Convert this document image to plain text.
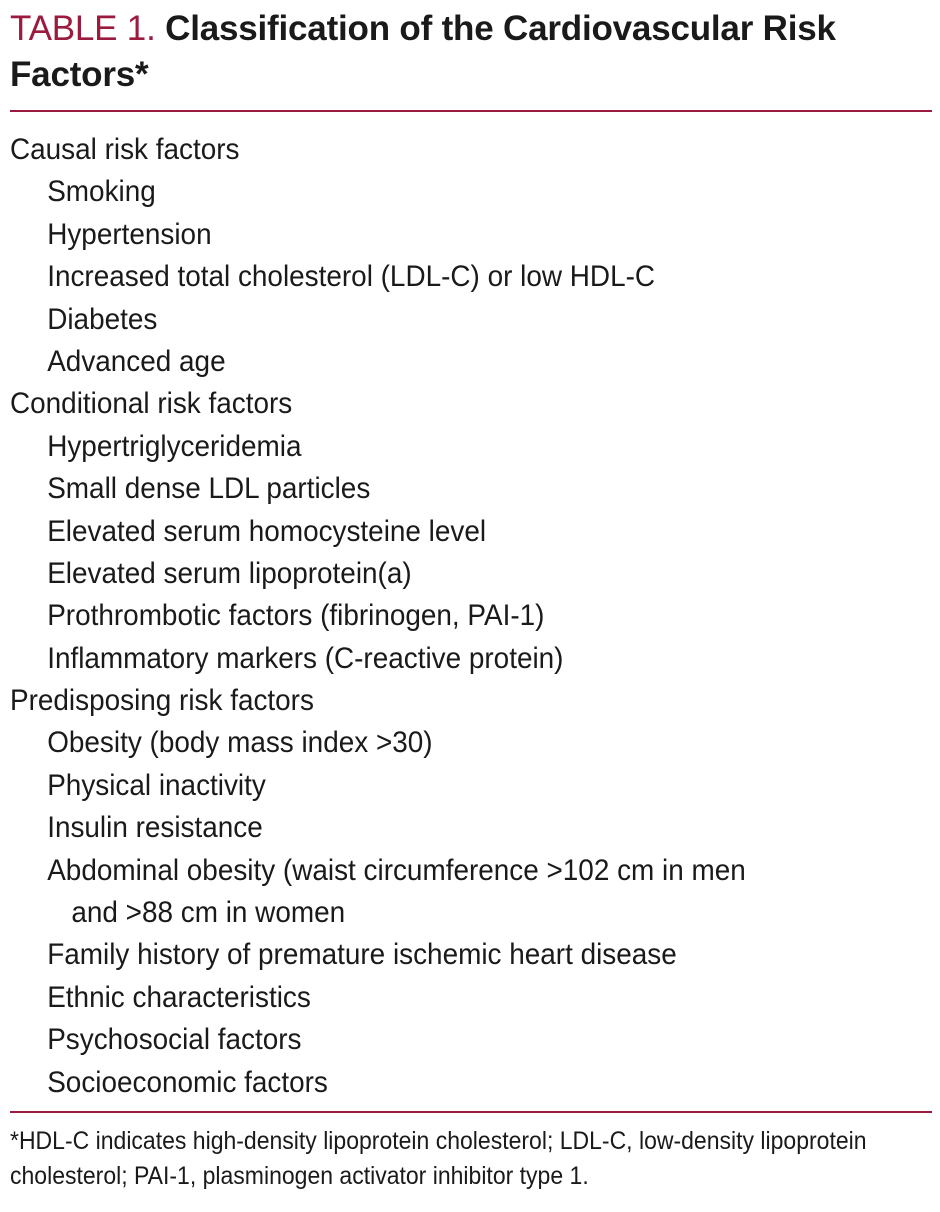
TABLE 1. Classification of the Cardiovascular Risk Factors*
Causal risk factors
Smoking
Hypertension
Increased total cholesterol (LDL-C) or low HDL-C
Diabetes
Advanced age
Conditional risk factors
Hypertriglyceridemia
Small dense LDL particles
Elevated serum homocysteine level
Elevated serum lipoprotein(a)
Prothrombotic factors (fibrinogen, PAI-1)
Inflammatory markers (C-reactive protein)
Predisposing risk factors
Obesity (body mass index >30)
Physical inactivity
Insulin resistance
Abdominal obesity (waist circumference >102 cm in men
and >88 cm in women
Family history of premature ischemic heart disease
Ethnic characteristics
Psychosocial factors
Socioeconomic factors
*HDL-C indicates high-density lipoprotein cholesterol; LDL-C, low-density lipoprotein cholesterol; PAI-1, plasminogen activator inhibitor type 1.
